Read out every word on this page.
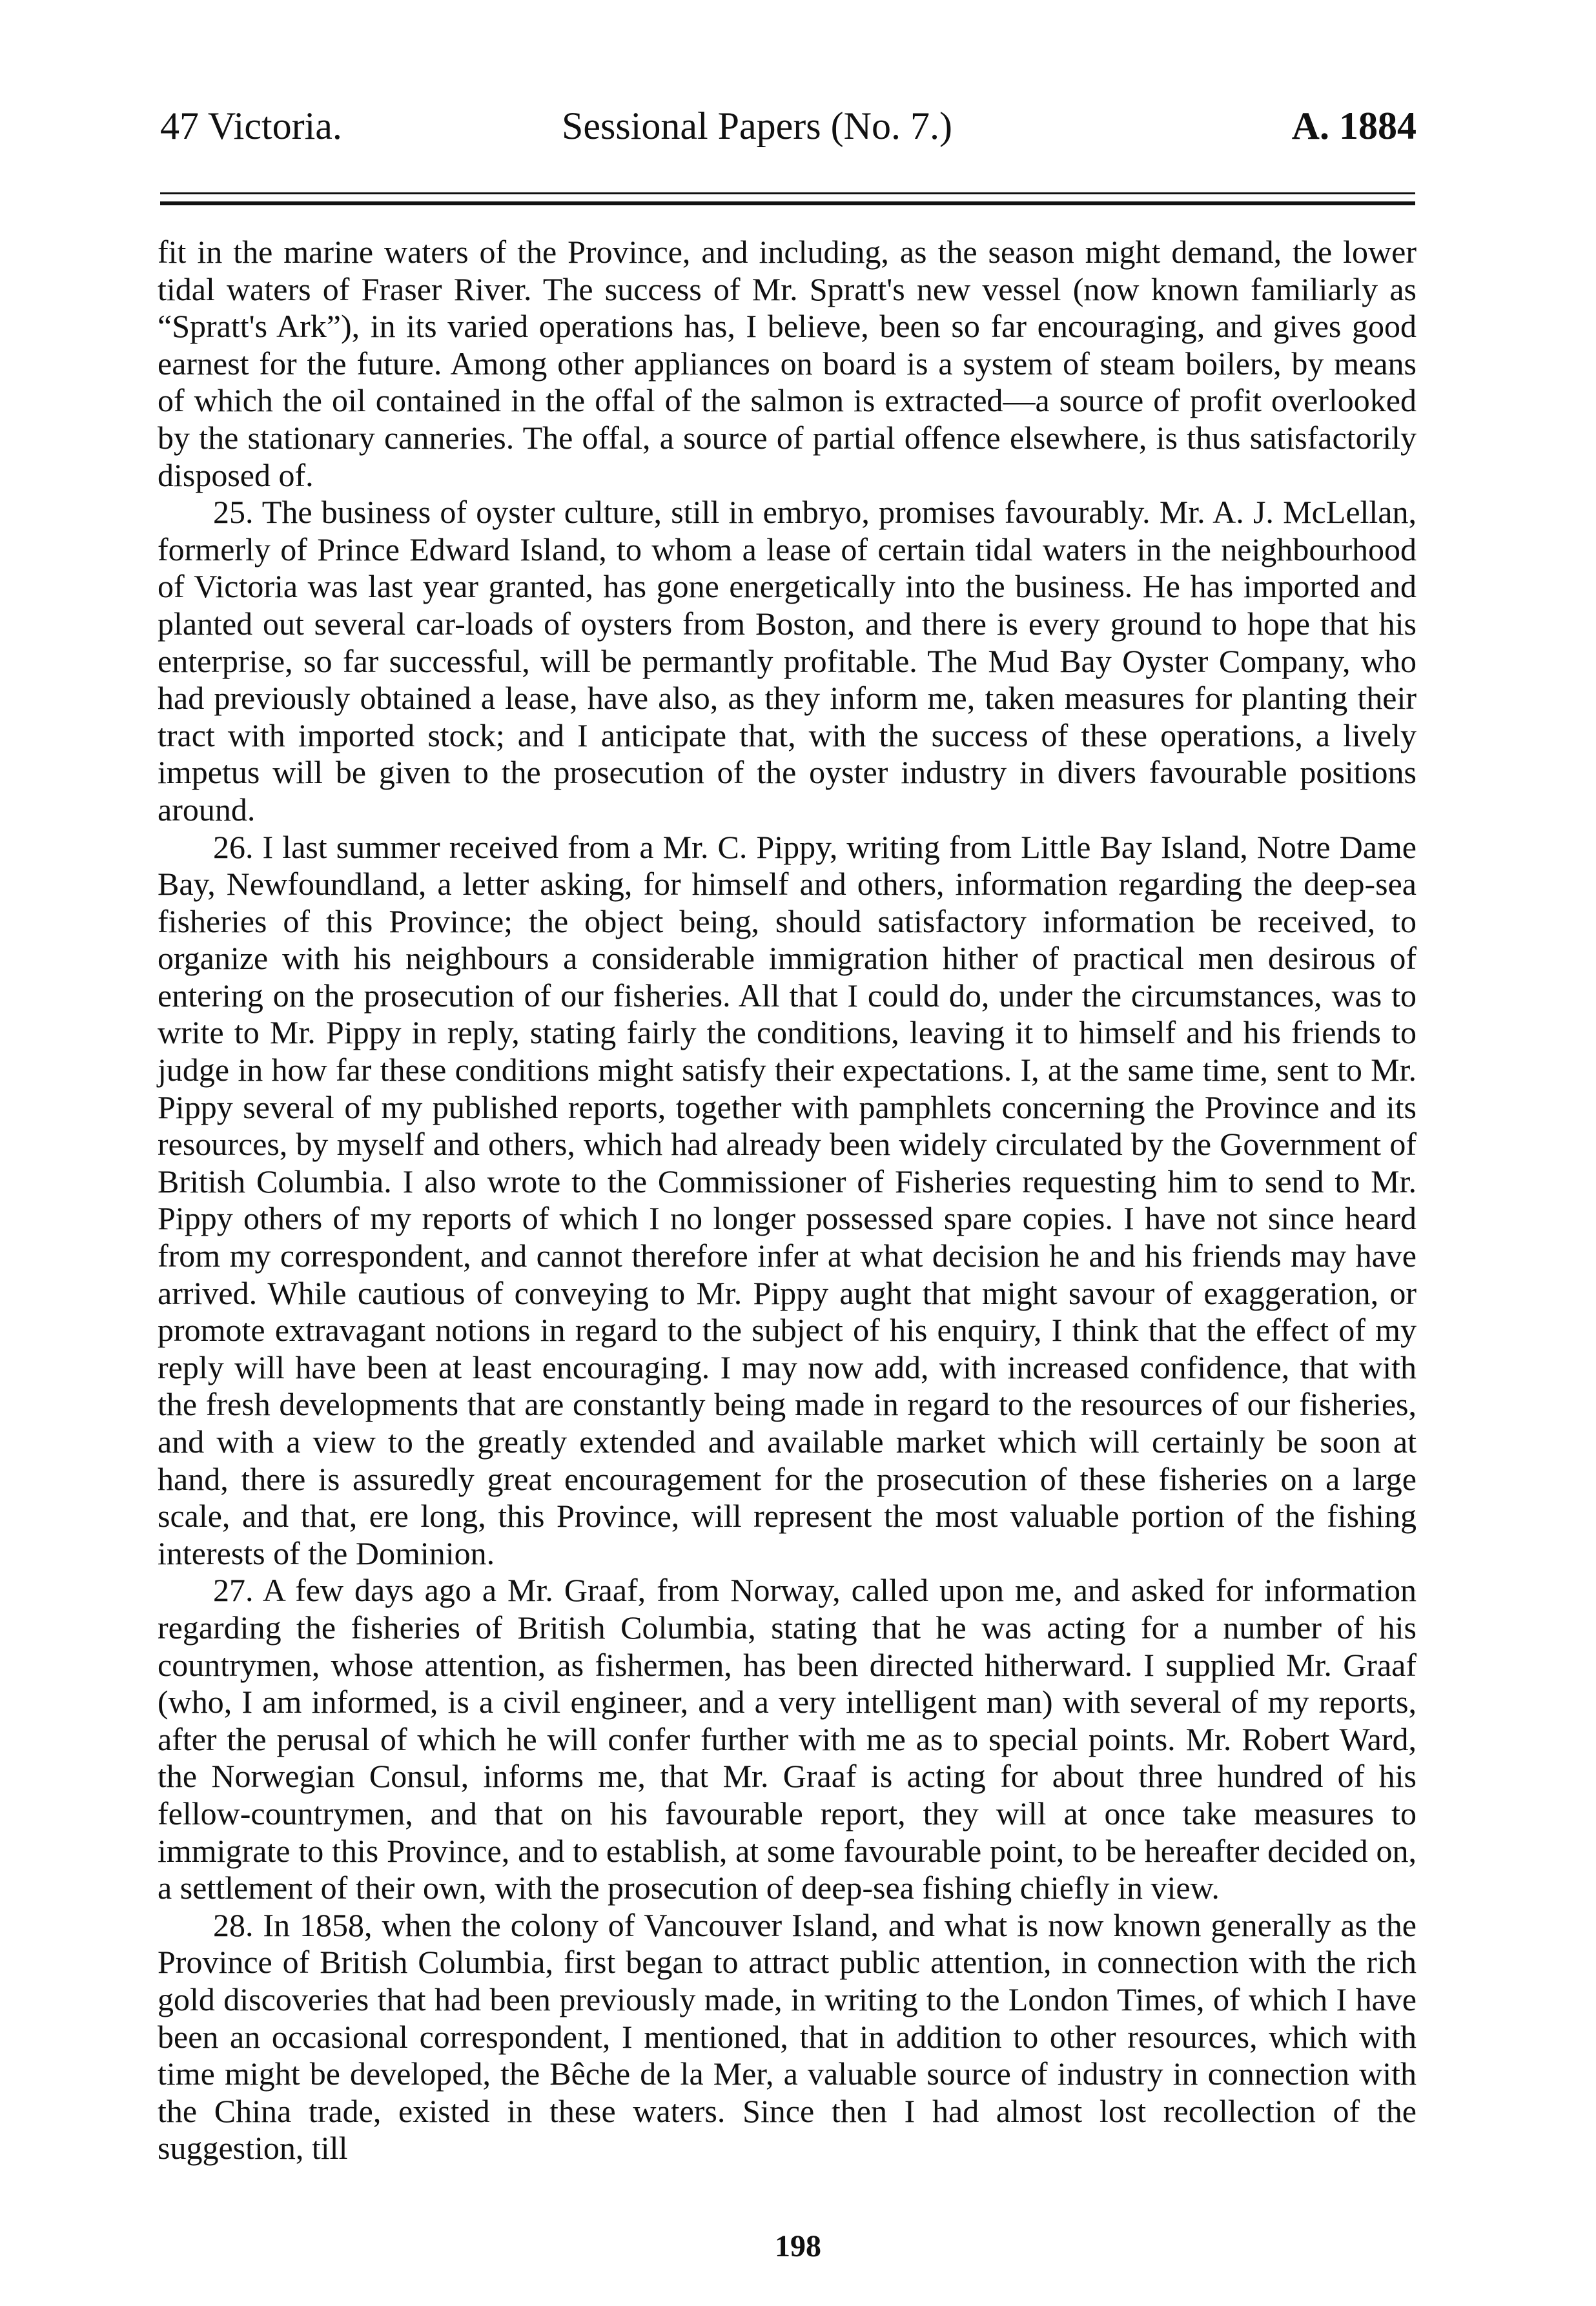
47 Victoria.	Sessional Papers (No. 7.)	A. 1884

fit in the marine waters of the Province, and including, as the season might demand, the lower tidal waters of Fraser River. The success of Mr. Spratt's new vessel (now known familiarly as “Spratt's Ark”), in its varied operations has, I believe, been so far encouraging, and gives good earnest for the future. Among other appliances on board is a system of steam boilers, by means of which the oil contained in the offal of the salmon is extracted—a source of profit overlooked by the stationary canneries. The offal, a source of partial offence elsewhere, is thus satisfactorily disposed of.

25. The business of oyster culture, still in embryo, promises favourably. Mr. A. J. McLellan, formerly of Prince Edward Island, to whom a lease of certain tidal waters in the neighbourhood of Victoria was last year granted, has gone energetically into the business. He has imported and planted out several car-loads of oysters from Boston, and there is every ground to hope that his enterprise, so far successful, will be permantly profitable. The Mud Bay Oyster Company, who had previously obtained a lease, have also, as they inform me, taken measures for planting their tract with imported stock; and I anticipate that, with the success of these operations, a lively impetus will be given to the prosecution of the oyster industry in divers favourable positions around.

26. I last summer received from a Mr. C. Pippy, writing from Little Bay Island, Notre Dame Bay, Newfoundland, a letter asking, for himself and others, information regarding the deep-sea fisheries of this Province; the object being, should satisfactory information be received, to organize with his neighbours a considerable immigration hither of practical men desirous of entering on the prosecution of our fisheries. All that I could do, under the circumstances, was to write to Mr. Pippy in reply, stating fairly the conditions, leaving it to himself and his friends to judge in how far these conditions might satisfy their expectations. I, at the same time, sent to Mr. Pippy several of my published reports, together with pamphlets concerning the Province and its resources, by myself and others, which had already been widely circulated by the Government of British Columbia. I also wrote to the Commissioner of Fisheries requesting him to send to Mr. Pippy others of my reports of which I no longer possessed spare copies. I have not since heard from my correspondent, and cannot therefore infer at what decision he and his friends may have arrived. While cautious of conveying to Mr. Pippy aught that might savour of exaggeration, or promote extravagant notions in regard to the subject of his enquiry, I think that the effect of my reply will have been at least encouraging. I may now add, with increased confidence, that with the fresh developments that are constantly being made in regard to the resources of our fisheries, and with a view to the greatly extended and available market which will certainly be soon at hand, there is assuredly great encouragement for the prosecution of these fisheries on a large scale, and that, ere long, this Province, will represent the most valuable portion of the fishing interests of the Dominion.

27. A few days ago a Mr. Graaf, from Norway, called upon me, and asked for information regarding the fisheries of British Columbia, stating that he was acting for a number of his countrymen, whose attention, as fishermen, has been directed hitherward. I supplied Mr. Graaf (who, I am informed, is a civil engineer, and a very intelligent man) with several of my reports, after the perusal of which he will confer further with me as to special points. Mr. Robert Ward, the Norwegian Consul, informs me, that Mr. Graaf is acting for about three hundred of his fellow-countrymen, and that on his favourable report, they will at once take measures to immigrate to this Province, and to establish, at some favourable point, to be hereafter decided on, a settlement of their own, with the prosecution of deep-sea fishing chiefly in view.

28. In 1858, when the colony of Vancouver Island, and what is now known generally as the Province of British Columbia, first began to attract public attention, in connection with the rich gold discoveries that had been previously made, in writing to the London Times, of which I have been an occasional correspondent, I mentioned, that in addition to other resources, which with time might be developed, the Bêche de la Mer, a valuable source of industry in connection with the China trade, existed in these waters. Since then I had almost lost recollection of the suggestion, till

198
